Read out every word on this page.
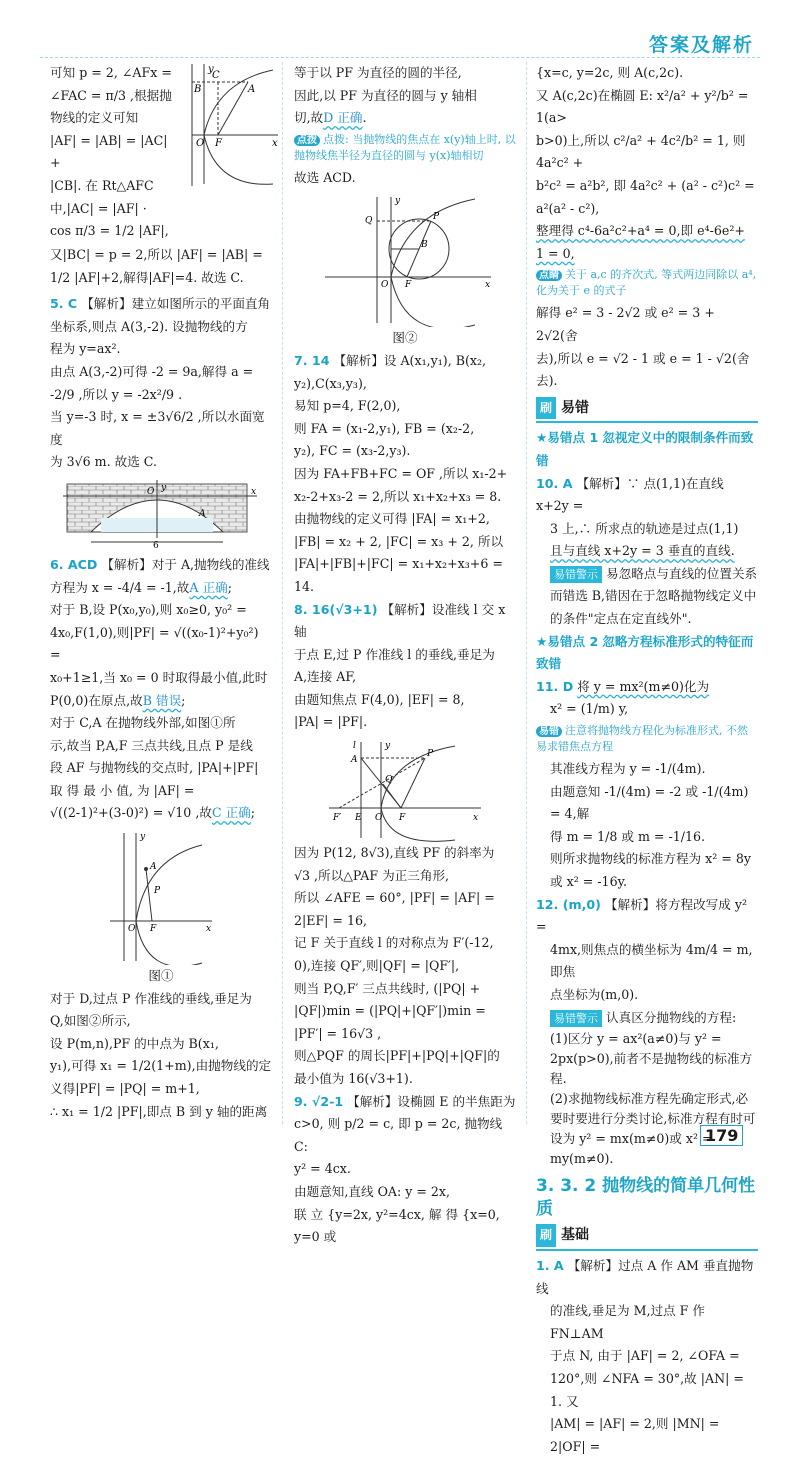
答案及解析

可知 p = 2, ∠AFx =

∠FAC = π/3 ,根据抛

物线的定义可知

|AF| = |AB| = |AC| +

|CB|. 在 Rt△AFC

中,|AC| = |AF| ·

cos π/3 = 1/2 |AF|,

y
C
B	A
O F	x

又|BC| = p = 2,所以 |AF| = |AB| =

1/2 |AF|+2,解得|AF|=4. 故选 C.

5. C 【解析】建立如图所示的平面直角

坐标系,则点 A(3,-2). 设抛物线的方

程为 y=ax².

由点 A(3,-2)可得 -2 = 9a,解得 a =

-2/9 ,所以 y = -2x²/9 .

当 y=-3 时, x = ±3√6/2 ,所以水面宽度

为 3√6 m. 故选 C.

y
O	x
A
6

6. ACD 【解析】对于 A,抛物线的准线

方程为 x = -4/4 = -1,故A 正确;

对于 B,设 P(x₀,y₀),则 x₀≥0, y₀² =

4x₀,F(1,0),则|PF| = √((x₀-1)²+y₀²) =

x₀+1≥1,当 x₀ = 0 时取得最小值,此时

P(0,0)在原点,故B 错误;

对于 C,A 在抛物线外部,如图①所

示,故当 P,A,F 三点共线,且点 P 是线

段 AF 与抛物线的交点时, |PA|+|PF|

取 得 最 小 值, 为 |AF| =

√((2-1)²+(3-0)²) = √10 ,故C 正确;

y
A
P
O F	x

图①

对于 D,过点 P 作准线的垂线,垂足为

Q,如图②所示,

设 P(m,n),PF 的中点为 B(x₁,

y₁),可得 x₁ = 1/2(1+m),由抛物线的定

义得|PF| = |PQ| = m+1,

∴ x₁ = 1/2 |PF|,即点 B 到 y 轴的距离

等于以 PF 为直径的圆的半径,

因此,以 PF 为直径的圆与 y 轴相

切,故D 正确.

点拨 点拨: 当抛物线的焦点在 x(y)轴上时, 以抛物线焦半径为直径的圆与 y(x)轴相切

故选 ACD.

y
Q	P
B
O F	x

图②

7. 14 【解析】设 A(x₁,y₁), B(x₂,

y₂),C(x₃,y₃),

易知 p=4, F(2,0),

则 FA = (x₁-2,y₁), FB = (x₂-2,

y₂), FC = (x₃-2,y₃).

因为 FA+FB+FC = OF ,所以 x₁-2+

x₂-2+x₃-2 = 2,所以 x₁+x₂+x₃ = 8.

由抛物线的定义可得 |FA| = x₁+2,

|FB| = x₂ + 2, |FC| = x₃ + 2, 所以

|FA|+|FB|+|FC| = x₁+x₂+x₃+6 = 14.

8. 16(√3+1) 【解析】设准线 l 交 x 轴

于点 E,过 P 作准线 l 的垂线,垂足为

A,连接 AF,

由题知焦点 F(4,0), |EF| = 8,

|PA| = |PF|.

y
l
A
P
Q
F′ E O F	x

因为 P(12, 8√3),直线 PF 的斜率为

√3 ,所以△PAF 为正三角形,

所以 ∠AFE = 60°, |PF| = |AF| =

2|EF| = 16,

记 F 关于直线 l 的对称点为 F′(-12,

0),连接 QF′,则|QF| = |QF′|,

则当 P,Q,F′ 三点共线时, (|PQ| +

|QF|)min = (|PQ|+|QF′|)min =

|PF′| = 16√3 ,

则△PQF 的周长|PF|+|PQ|+|QF|的

最小值为 16(√3+1).

9. √2-1 【解析】设椭圆 E 的半焦距为

c>0, 则 p/2 = c, 即 p = 2c, 抛物线 C:

y² = 4cx.

由题意知,直线 OA: y = 2x,

联 立 {y=2x, y²=4cx, 解 得 {x=0, y=0 或

{x=c, y=2c, 则 A(c,2c).

又 A(c,2c)在椭圆 E: x²/a² + y²/b² = 1(a>

b>0)上,所以 c²/a² + 4c²/b² = 1, 则 4a²c² +

b²c² = a²b², 即 4a²c² + (a² - c²)c² =

a²(a² - c²),

整理得 c⁴-6a²c²+a⁴ = 0,即 e⁴-6e²+

1 = 0,

点睛 关于 a,c 的齐次式, 等式两边同除以 a⁴,化为关于 e 的式子

解得 e² = 3 - 2√2 或 e² = 3 + 2√2(舍

去),所以 e = √2 - 1 或 e = 1 - √2(舍

去).

刷 易错

★易错点 1 忽视定义中的限制条件而致错

10. A 【解析】∵ 点(1,1)在直线 x+2y =

3 上,∴ 所求点的轨迹是过点(1,1)

且与直线 x+2y = 3 垂直的直线.

易错警示 易忽略点与直线的位置关系而错选 B,错因在于忽略抛物线定义中的条件"定点在定直线外".

★易错点 2 忽略方程标准形式的特征而致错

11. D 将 y = mx²(m≠0)化为

x² = (1/m) y,

易错 注意将抛物线方程化为标准形式, 不然易求错焦点方程

其准线方程为 y = -1/(4m).

由题意知 -1/(4m) = -2 或 -1/(4m) = 4,解

得 m = 1/8 或 m = -1/16.

则所求抛物线的标准方程为 x² = 8y

或 x² = -16y.

12. (m,0) 【解析】将方程改写成 y² =

4mx,则焦点的横坐标为 4m/4 = m,即焦

点坐标为(m,0).

易错警示 认真区分抛物线的方程:

(1)区分 y = ax²(a≠0)与 y² = 2px(p>0),前者不是抛物线的标准方程.

(2)求抛物线标准方程先确定形式,必要时要进行分类讨论,标准方程有时可设为 y² = mx(m≠0)或 x² = my(m≠0).

3. 3. 2 抛物线的简单几何性质

刷 基础

1. A 【解析】过点 A 作 AM 垂直抛物线

的准线,垂足为 M,过点 F 作 FN⊥AM

于点 N, 由于 |AF| = 2, ∠OFA =

120°,则 ∠NFA = 30°,故 |AN| = 1. 又

|AM| = |AF| = 2,则 |MN| = 2|OF| =

179
